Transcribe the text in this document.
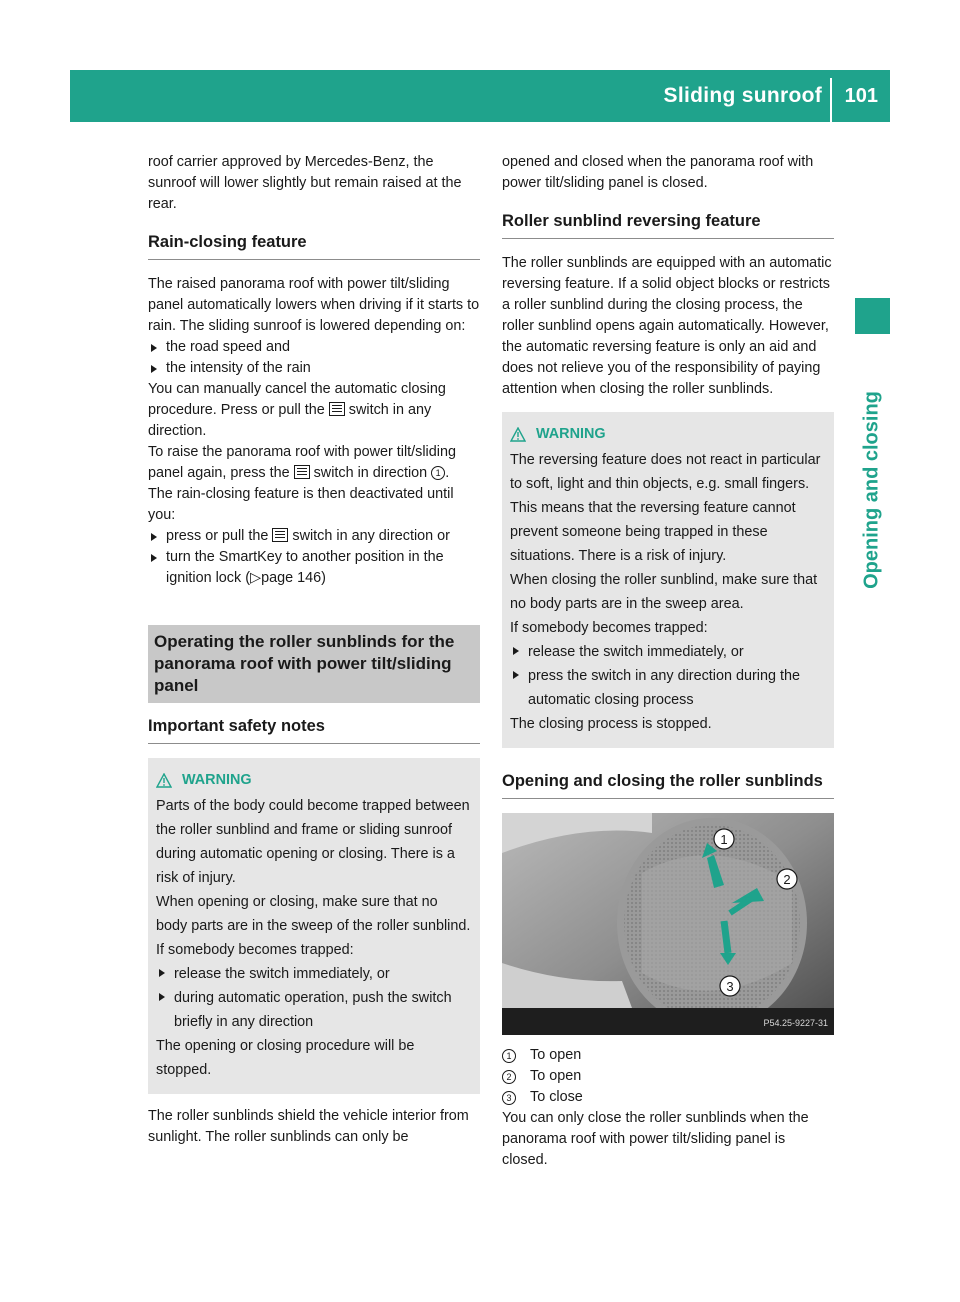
Sliding sunroof 101
Opening and closing

roof carrier approved by Mercedes-Benz, the sunroof will lower slightly but remain raised at the rear.

Rain-closing feature

The raised panorama roof with power tilt/sliding panel automatically lowers when driving if it starts to rain. The sliding sunroof is lowered depending on:

the road speed and
the intensity of the rain

You can manually cancel the automatic closing procedure. Press or pull the switch in any direction.

To raise the panorama roof with power tilt/sliding panel again, press the switch in direction 1 .

The rain-closing feature is then deactivated until you:

press or pull the switch in any direction or
turn the SmartKey to another position in the ignition lock (▷page 146)
Operating the roller sunblinds for the panorama roof with power tilt/sliding panel
Important safety notes
WARNING

Parts of the body could become trapped between the roller sunblind and frame or sliding sunroof during automatic opening or closing. There is a risk of injury.

When opening or closing, make sure that no body parts are in the sweep of the roller sunblind.

If somebody becomes trapped:

release the switch immediately, or
during automatic operation, push the switch briefly in any direction

The opening or closing procedure will be stopped.

The roller sunblinds shield the vehicle interior from sunlight. The roller sunblinds can only be

opened and closed when the panorama roof with power tilt/sliding panel is closed.

Roller sunblind reversing feature

The roller sunblinds are equipped with an automatic reversing feature. If a solid object blocks or restricts a roller sunblind during the closing process, the roller sunblind opens again automatically. However, the automatic reversing feature is only an aid and does not relieve you of the responsibility of paying attention when closing the roller sunblinds.

WARNING

The reversing feature does not react in particular to soft, light and thin objects, e.g. small fingers. This means that the reversing feature cannot prevent someone being trapped in these situations. There is a risk of injury.

When closing the roller sunblind, make sure that no body parts are in the sweep area.

If somebody becomes trapped:

release the switch immediately, or
press the switch in any direction during the automatic closing process

The closing process is stopped.

Opening and closing the roller sunblinds
1
2
3
P54.25-9227-31
1	To open
2	To open
3	To close

You can only close the roller sunblinds when the panorama roof with power tilt/sliding panel is closed.
